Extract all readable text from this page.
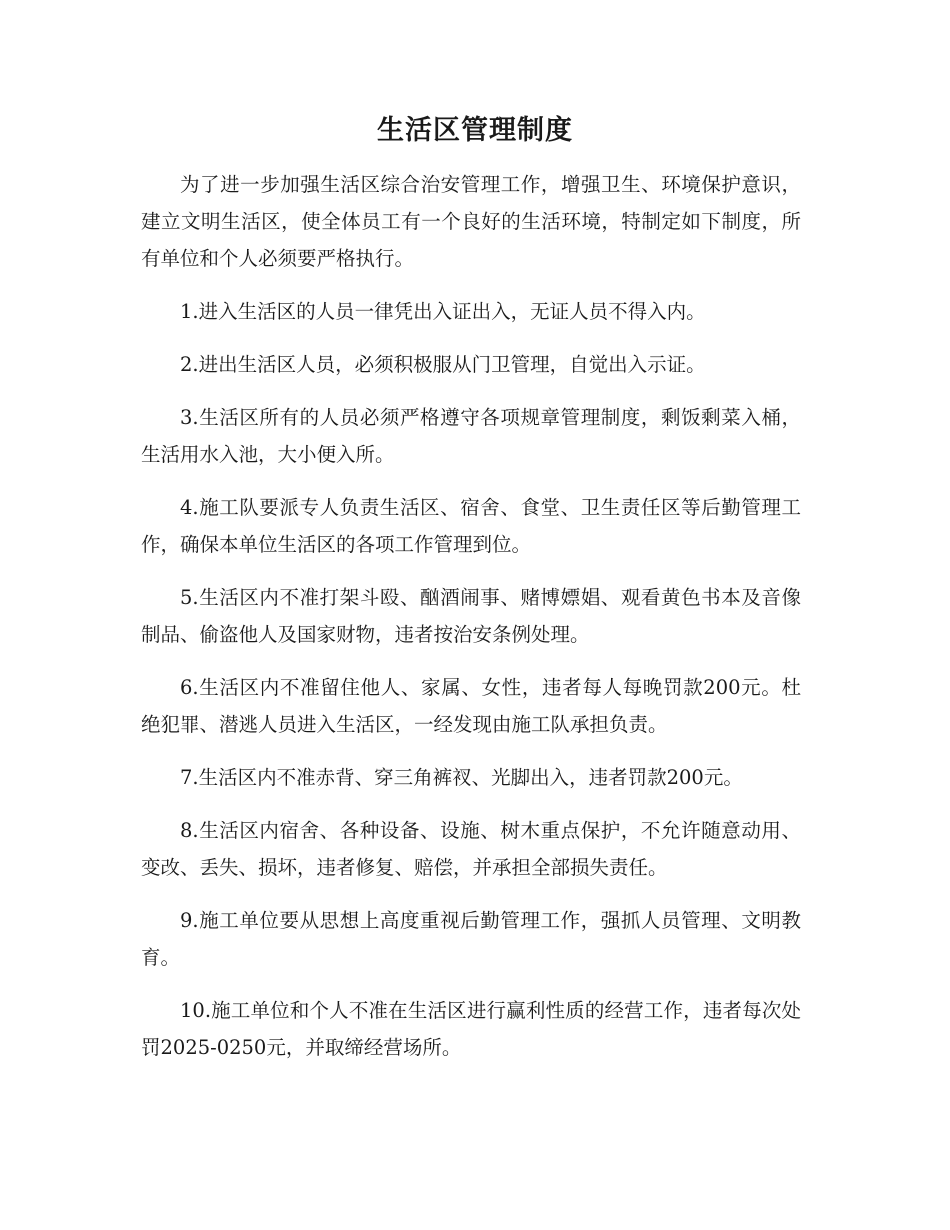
生活区管理制度

为了进一步加强生活区综合治安管理工作，增强卫生、环境保护意识，建立文明生活区，使全体员工有一个良好的生活环境，特制定如下制度，所有单位和个人必须要严格执行。

1.进入生活区的人员一律凭出入证出入，无证人员不得入内。

2.进出生活区人员，必须积极服从门卫管理，自觉出入示证。

3.生活区所有的人员必须严格遵守各项规章管理制度，剩饭剩菜入桶，生活用水入池，大小便入所。

4.施工队要派专人负责生活区、宿舍、食堂、卫生责任区等后勤管理工作，确保本单位生活区的各项工作管理到位。

5.生活区内不准打架斗殴、酗酒闹事、赌博嫖娼、观看黄色书本及音像制品、偷盗他人及国家财物，违者按治安条例处理。

6.生活区内不准留住他人、家属、女性，违者每人每晚罚款200元。杜绝犯罪、潜逃人员进入生活区，一经发现由施工队承担负责。

7.生活区内不准赤背、穿三角裤衩、光脚出入，违者罚款200元。

8.生活区内宿舍、各种设备、设施、树木重点保护，不允许随意动用、变改、丢失、损坏，违者修复、赔偿，并承担全部损失责任。

9.施工单位要从思想上高度重视后勤管理工作，强抓人员管理、文明教育。

10.施工单位和个人不准在生活区进行赢利性质的经营工作，违者每次处罚2025-0250元，并取缔经营场所。
